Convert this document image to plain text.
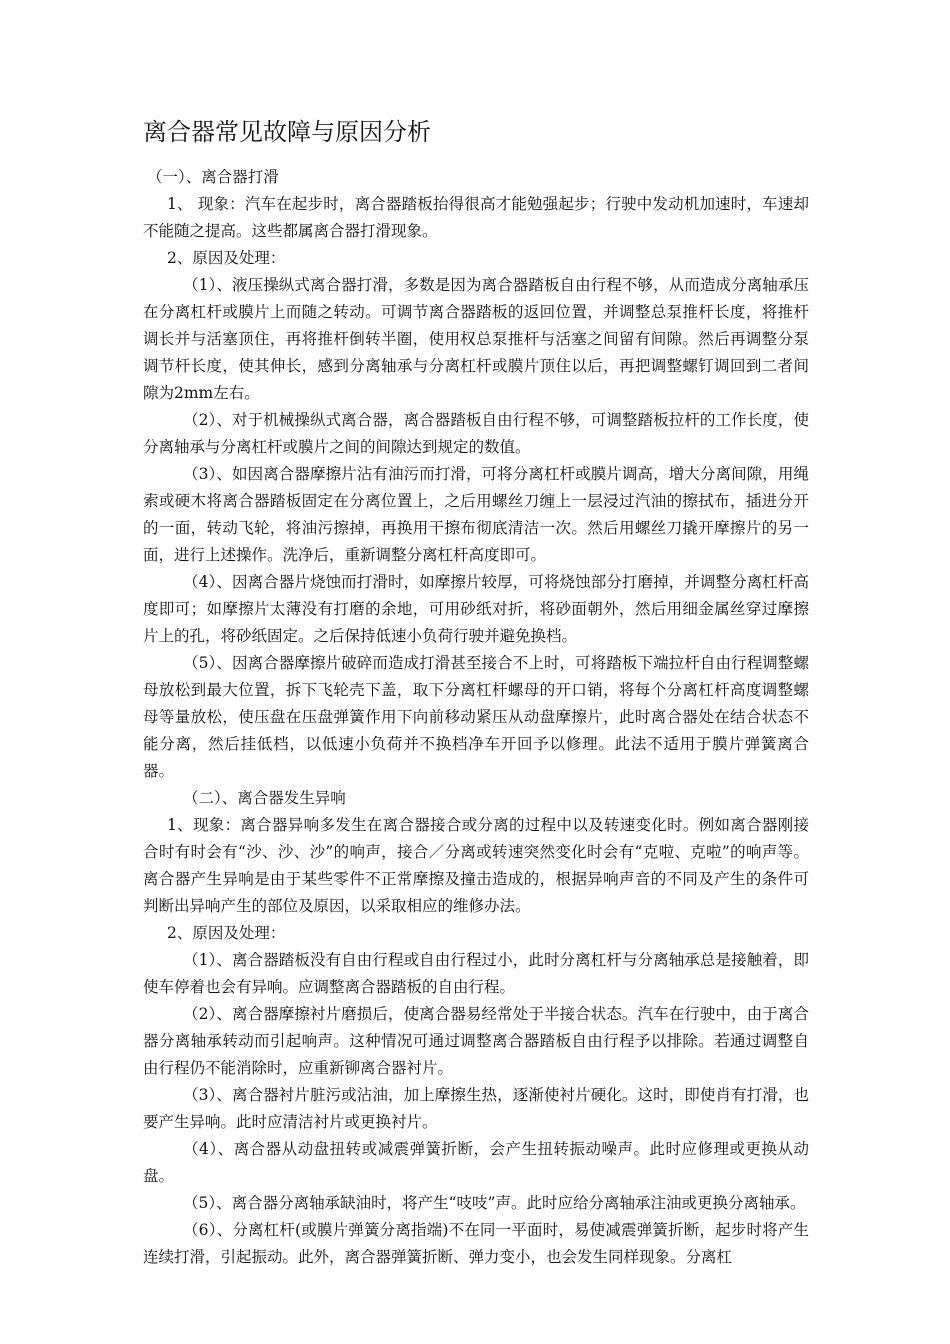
离合器常见故障与原因分析

（一）、离合器打滑

1、 现象：汽车在起步时，离合器踏板抬得很高才能勉强起步；行驶中发动机加速时，车速却不能随之提高。这些都属离合器打滑现象。

2、原因及处理：

（1）、液压操纵式离合器打滑，多数是因为离合器踏板自由行程不够，从而造成分离轴承压在分离杠杆或膜片上而随之转动。可调节离合器踏板的返回位置，并调整总泵推杆长度，将推杆调长并与活塞顶住，再将推杆倒转半圈，使用权总泵推杆与活塞之间留有间隙。然后再调整分泵调节杆长度，使其伸长，感到分离轴承与分离杠杆或膜片顶住以后，再把调整螺钉调回到二者间隙为2mm左右。

（2）、对于机械操纵式离合器，离合器踏板自由行程不够，可调整踏板拉杆的工作长度，使分离轴承与分离杠杆或膜片之间的间隙达到规定的数值。

（3）、如因离合器摩擦片沾有油污而打滑，可将分离杠杆或膜片调高，增大分离间隙，用绳索或硬木将离合器踏板固定在分离位置上，之后用螺丝刀缠上一层浸过汽油的擦拭布，插进分开的一面，转动飞轮，将油污擦掉，再换用干擦布彻底清洁一次。然后用螺丝刀撬开摩擦片的另一面，进行上述操作。洗净后，重新调整分离杠杆高度即可。

（4）、因离合器片烧蚀而打滑时，如摩擦片较厚，可将烧蚀部分打磨掉，并调整分离杠杆高度即可；如摩擦片太薄没有打磨的余地，可用砂纸对折，将砂面朝外，然后用细金属丝穿过摩擦片上的孔，将砂纸固定。之后保持低速小负荷行驶并避免换档。

（5）、因离合器摩擦片破碎而造成打滑甚至接合不上时，可将踏板下端拉杆自由行程调整螺母放松到最大位置，拆下飞轮壳下盖，取下分离杠杆螺母的开口销，将每个分离杠杆高度调整螺母等量放松，使压盘在压盘弹簧作用下向前移动紧压从动盘摩擦片，此时离合器处在结合状态不能分离，然后挂低档，以低速小负荷并不换档净车开回予以修理。此法不适用于膜片弹簧离合器。

（二）、离合器发生异响

1、现象：离合器异响多发生在离合器接合或分离的过程中以及转速变化时。例如离合器刚接合时有时会有“沙、沙、沙”的响声，接合／分离或转速突然变化时会有“克啦、克啦”的响声等。离合器产生异响是由于某些零件不正常摩擦及撞击造成的，根据异响声音的不同及产生的条件可判断出异响产生的部位及原因，以采取相应的维修办法。

2、原因及处理：

（1）、离合器踏板没有自由行程或自由行程过小，此时分离杠杆与分离轴承总是接触着，即使车停着也会有异响。应调整离合器踏板的自由行程。

（2）、离合器摩擦衬片磨损后，使离合器易经常处于半接合状态。汽车在行驶中，由于离合器分离轴承转动而引起响声。这种情况可通过调整离合器踏板自由行程予以排除。若通过调整自由行程仍不能消除时，应重新铆离合器衬片。

（3）、离合器衬片脏污或沾油，加上摩擦生热，逐渐使衬片硬化。这时，即使肖有打滑，也要产生异响。此时应清洁衬片或更换衬片。

（4）、离合器从动盘扭转或减震弹簧折断，会产生扭转振动噪声。此时应修理或更换从动盘。

（5）、离合器分离轴承缺油时，将产生“吱吱”声。此时应给分离轴承注油或更换分离轴承。

（6）、分离杠杆(或膜片弹簧分离指端)不在同一平面时，易使减震弹簧折断，起步时将产生连续打滑，引起振动。此外，离合器弹簧折断、弹力变小，也会发生同样现象。分离杠
